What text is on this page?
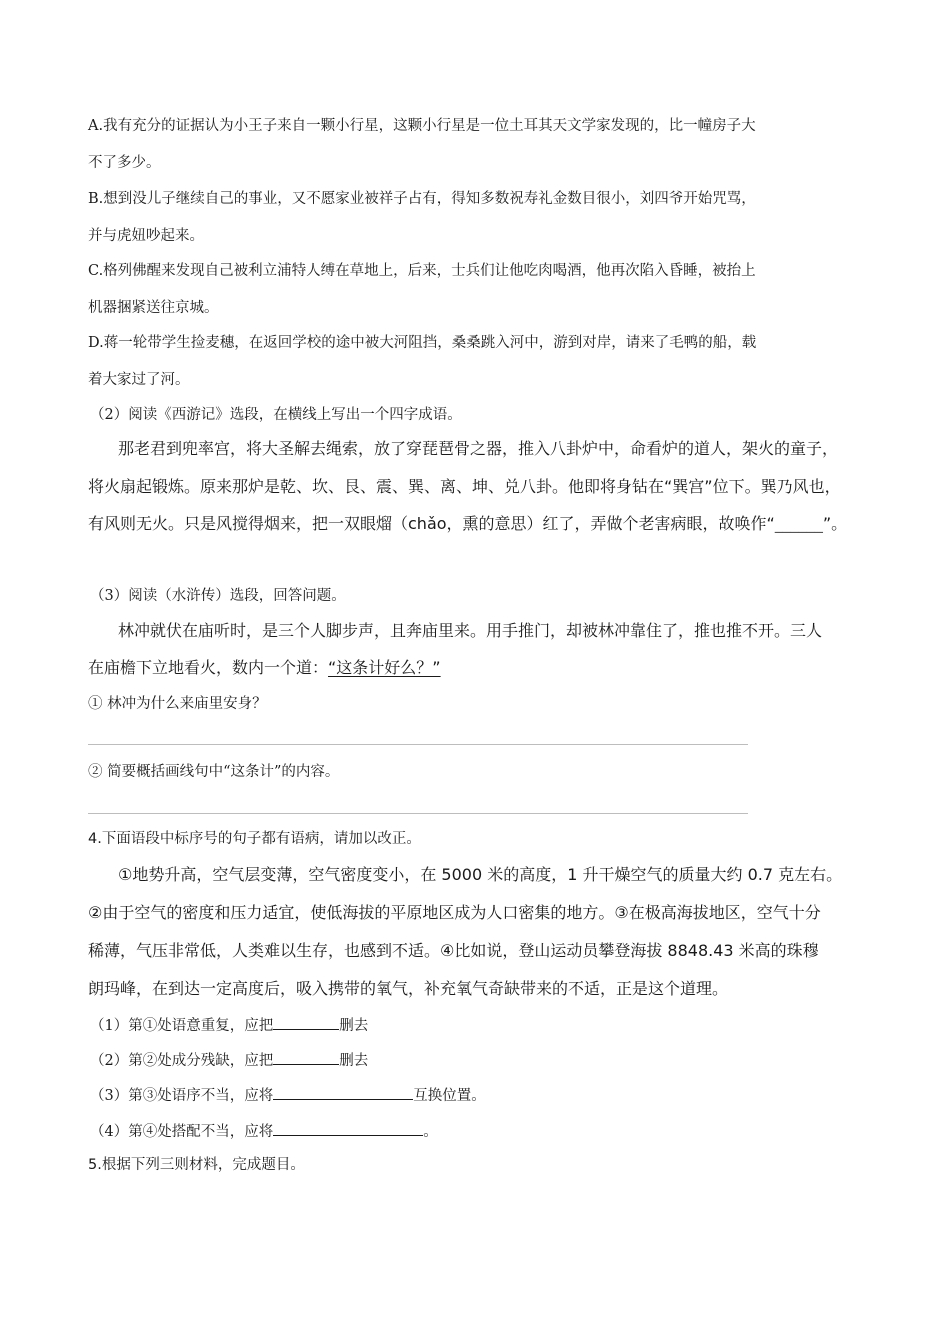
A.我有充分的证据认为小王子来自一颗小行星，这颗小行星是一位土耳其天文学家发现的，比一幢房子大
不了多少。
B.想到没儿子继续自己的事业，又不愿家业被祥子占有，得知多数祝寿礼金数目很小，刘四爷开始咒骂，
并与虎妞吵起来。
C.格列佛醒来发现自己被利立浦特人缚在草地上，后来，士兵们让他吃肉喝酒，他再次陷入昏睡，被抬上
机器捆紧送往京城。
D.蒋一轮带学生捡麦穗，在返回学校的途中被大河阻挡，桑桑跳入河中，游到对岸，请来了毛鸭的船，载
着大家过了河。
（2）阅读《西游记》选段，在横线上写出一个四字成语。
那老君到兜率宫，将大圣解去绳索，放了穿琵琶骨之器，推入八卦炉中，命看炉的道人，架火的童子，
将火扇起锻炼。原来那炉是乾、坎、艮、震、巽、离、坤、兑八卦。他即将身钻在“巽宫”位下。巽乃风也，
有风则无火。只是风搅得烟来，把一双眼熘（chǎo，熏的意思）红了，弄做个老害病眼，故唤作“______”。
（3）阅读（水浒传）选段，回答问题。
林冲就伏在庙听时，是三个人脚步声，且奔庙里来。用手推门，却被林冲靠住了，推也推不开。三人
在庙檐下立地看火，数内一个道：“这条计好么？”
① 林冲为什么来庙里安身？
② 简要概括画线句中“这条计”的内容。
4.下面语段中标序号的句子都有语病，请加以改正。
①地势升高，空气层变薄，空气密度变小，在 5000 米的高度，1 升干燥空气的质量大约 0.7 克左右。
②由于空气的密度和压力适宜，使低海拔的平原地区成为人口密集的地方。③在极高海拔地区，空气十分
稀薄，气压非常低，人类难以生存，也感到不适。④比如说，登山运动员攀登海拔 8848.43 米高的珠穆
朗玛峰，在到达一定高度后，吸入携带的氧气，补充氧气奇缺带来的不适，正是这个道理。
（1）第①处语意重复，应把	删去
（2）第②处成分残缺，应把	删去
（3）第③处语序不当，应将	互换位置。
（4）第④处搭配不当，应将	。
5.根据下列三则材料，完成题目。
